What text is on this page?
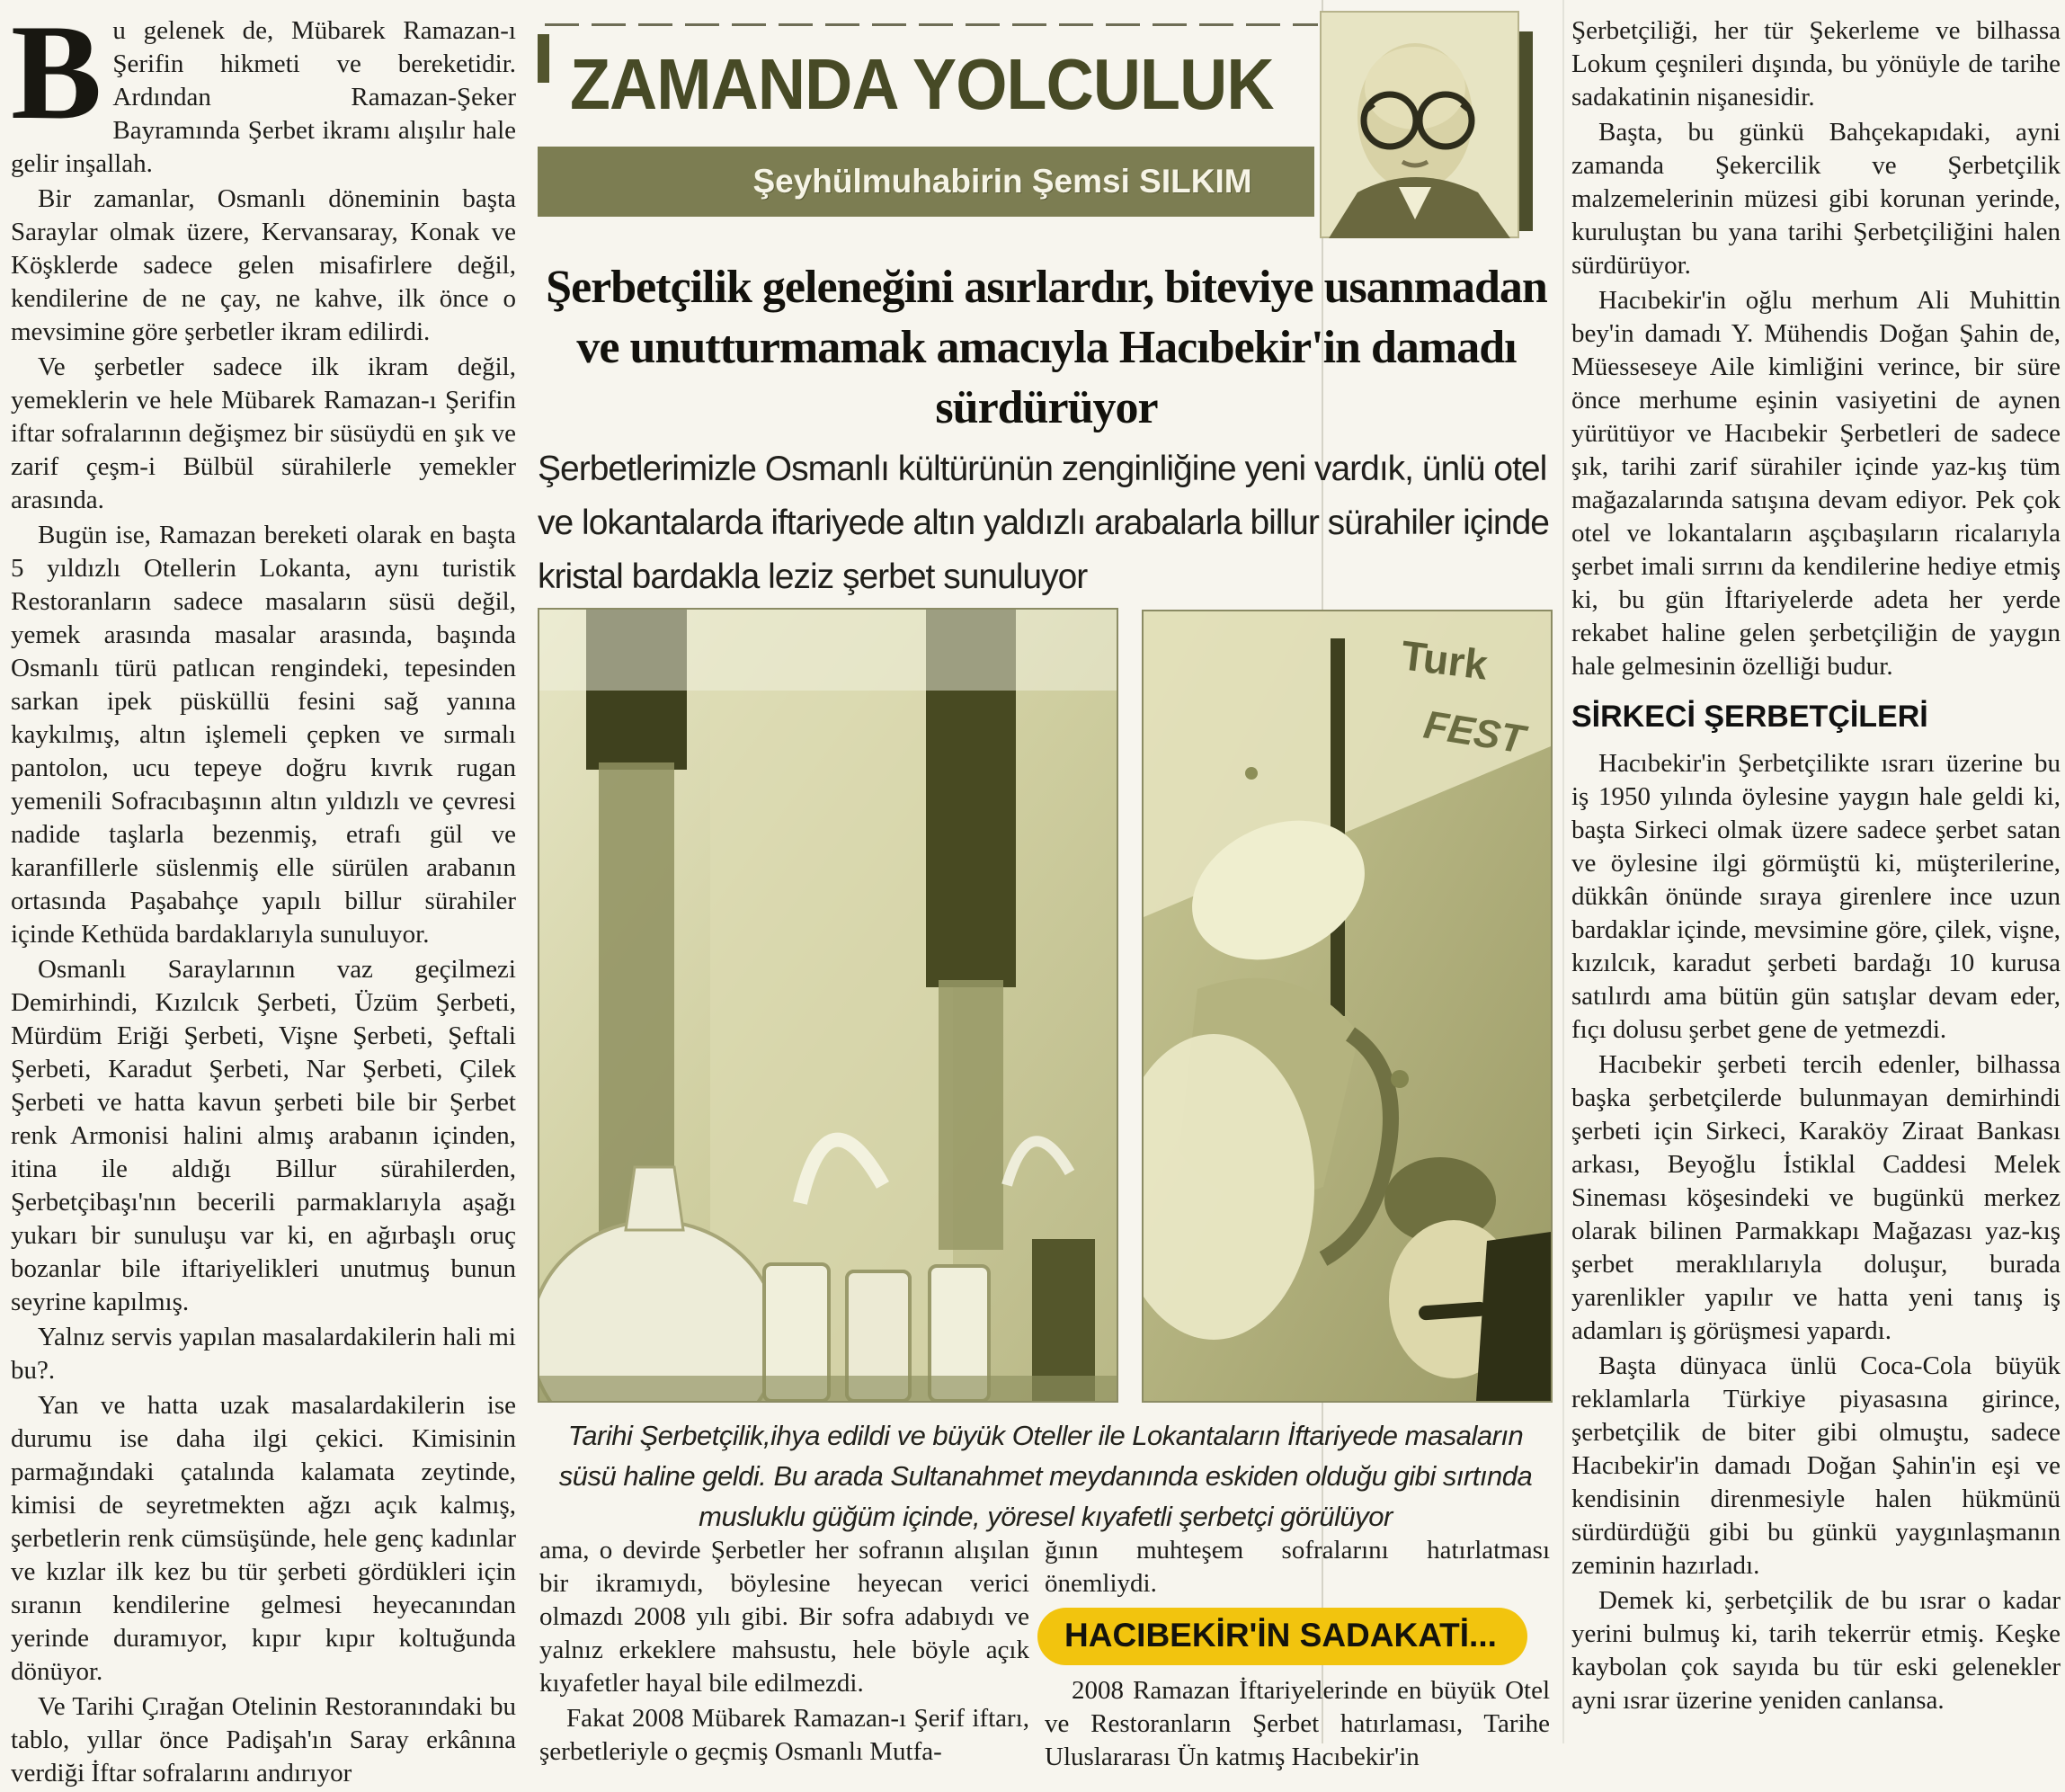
Bu gelenek de, Mübarek Ramazan-ı Şerifin hikmeti ve bereketidir. Ardından Ramazan-Şeker Bayramında Şerbet ikramı alışılır hale gelir inşallah.

Bir zamanlar, Osmanlı döneminin başta Saraylar olmak üzere, Kervansaray, Konak ve Köşklerde sadece gelen misafirlere değil, kendilerine de ne çay, ne kahve, ilk önce o mevsimine göre şerbetler ikram edilirdi.

Ve şerbetler sadece ilk ikram değil, yemeklerin ve hele Mübarek Ramazan-ı Şerifin iftar sofralarının değişmez bir süsüydü en şık ve zarif çeşm-i Bülbül sürahilerle yemekler arasında.

Bugün ise, Ramazan bereketi olarak en başta 5 yıldızlı Otellerin Lokanta, aynı turistik Restoranların sadece masaların süsü değil, yemek arasında masalar arasında, başında Osmanlı türü patlıcan rengindeki, tepesinden sarkan ipek püsküllü fesini sağ yanına kaykılmış, altın işlemeli çepken ve sırmalı pantolon, ucu tepeye doğru kıvrık rugan yemenili Sofracıbaşının altın yıldızlı ve çevresi nadide taşlarla bezenmiş, etrafı gül ve karanfillerle süslenmiş elle sürülen arabanın ortasında Paşabahçe yapılı billur sürahiler içinde Kethüda bardaklarıyla sunuluyor.

Osmanlı Saraylarının vaz geçilmezi Demirhindi, Kızılcık Şerbeti, Üzüm Şerbeti, Mürdüm Eriği Şerbeti, Vişne Şerbeti, Şeftali Şerbeti, Karadut Şerbeti, Nar Şerbeti, Çilek Şerbeti ve hatta kavun şerbeti bile bir Şerbet renk Armonisi halini almış arabanın içinden, itina ile aldığı Billur sürahilerden, Şerbetçibaşı'nın becerili parmaklarıyla aşağı yukarı bir sunuluşu var ki, en ağırbaşlı oruç bozanlar bile iftariyelikleri unutmuş bunun seyrine kapılmış.

Yalnız servis yapılan masalardakilerin hali mi bu?.

Yan ve hatta uzak masalardakilerin ise durumu ise daha ilgi çekici. Kimisinin parmağındaki çatalında kalamata zeytinde, kimisi de seyretmekten ağzı açık kalmış, şerbetlerin renk cümsüşünde, hele genç kadınlar ve kızlar ilk kez bu tür şerbeti gördükleri için sıranın kendilerine gelmesi heyecanından yerinde duramıyor, kıpır kıpır koltuğunda dönüyor.

Ve Tarihi Çırağan Otelinin Restoranındaki bu tablo, yıllar önce Padişah'ın Saray erkânına verdiği İftar sofralarını andırıyor

ZAMANDA YOLCULUK
Şeyhülmuhabirin Şemsi SILKIM
Şerbetçilik geleneğini asırlardır, biteviye usanmadan ve unutturmamak amacıyla Hacıbekir'in damadı sürdürüyor
Şerbetlerimizle Osmanlı kültürünün zenginliğine yeni vardık, ünlü otel ve lokantalarda iftariyede altın yaldızlı arabalarla billur sürahiler içinde kristal bardakla leziz şerbet sunuluyor
Turk
FEST
Tarihi Şerbetçilik,ihya edildi ve büyük Oteller ile Lokantaların İftariyede masaların süsü haline geldi. Bu arada Sultanahmet meydanında eskiden olduğu gibi sırtında musluklu güğüm içinde, yöresel kıyafetli şerbetçi görülüyor

ama, o devirde Şerbetler her sofranın alışılan bir ikramıydı, böylesine heyecan verici olmazdı 2008 yılı gibi. Bir sofra adabıydı ve yalnız erkeklere mahsustu, hele böyle açık kıyafetler hayal bile edilmezdi.

Fakat 2008 Mübarek Ramazan-ı Şerif iftarı, şerbetleriyle o geçmiş Osmanlı Mutfa-

ğının muhteşem sofralarını hatırlatması önemliydi.

HACIBEKİR'İN SADAKATİ...

2008 Ramazan İftariyelerinde en büyük Otel ve Restoranların Şerbet hatırlaması, Tarihe Uluslararası Ün katmış Hacıbekir'in

Şerbetçiliği, her tür Şekerleme ve bilhassa Lokum çeşnileri dışında, bu yönüyle de tarihe sadakatinin nişanesidir.

Başta, bu günkü Bahçekapıdaki, ayni zamanda Şekercilik ve Şerbetçilik malzemelerinin müzesi gibi korunan yerinde, kuruluştan bu yana tarihi Şerbetçiliğini halen sürdürüyor.

Hacıbekir'in oğlu merhum Ali Muhittin bey'in damadı Y. Mühendis Doğan Şahin de, Müesseseye Aile kimliğini verince, bir süre önce merhume eşinin vasiyetini de aynen yürütüyor ve Hacıbekir Şerbetleri de sadece şık, tarihi zarif sürahiler içinde yaz-kış tüm mağazalarında satışına devam ediyor. Pek çok otel ve lokantaların aşçıbaşıların ricalarıyla şerbet imali sırrını da kendilerine hediye etmiş ki, bu gün İftariyelerde adeta her yerde rekabet haline gelen şerbetçiliğin de yaygın hale gelmesinin özelliği budur.

SİRKECİ ŞERBETÇİLERİ

Hacıbekir'in Şerbetçilikte ısrarı üzerine bu iş 1950 yılında öylesine yaygın hale geldi ki, başta Sirkeci olmak üzere sadece şerbet satan ve öylesine ilgi görmüştü ki, müşterilerine, dükkân önünde sıraya girenlere ince uzun bardaklar içinde, mevsimine göre, çilek, vişne, kızılcık, karadut şerbeti bardağı 10 kurusa satılırdı ama bütün gün satışlar devam eder, fıçı dolusu şerbet gene de yetmezdi.

Hacıbekir şerbeti tercih edenler, bilhassa başka şerbetçilerde bulunmayan demirhindi şerbeti için Sirkeci, Karaköy Ziraat Bankası arkası, Beyoğlu İstiklal Caddesi Melek Sineması köşesindeki ve bugünkü merkez olarak bilinen Parmakkapı Mağazası yaz-kış şerbet meraklılarıyla doluşur, burada yarenlikler yapılır ve hatta yeni tanış iş adamları iş görüşmesi yapardı.

Başta dünyaca ünlü Coca-Cola büyük reklamlarla Türkiye piyasasına girince, şerbetçilik de biter gibi olmuştu, sadece Hacıbekir'in damadı Doğan Şahin'in eşi ve kendisinin direnmesiyle halen hükmünü sürdürdüğü gibi bu günkü yaygınlaşmanın zeminin hazırladı.

Demek ki, şerbetçilik de bu ısrar o kadar yerini bulmuş ki, tarih tekerrür etmiş. Keşke kaybolan çok sayıda bu tür eski gelenekler ayni ısrar üzerine yeniden canlansa.
